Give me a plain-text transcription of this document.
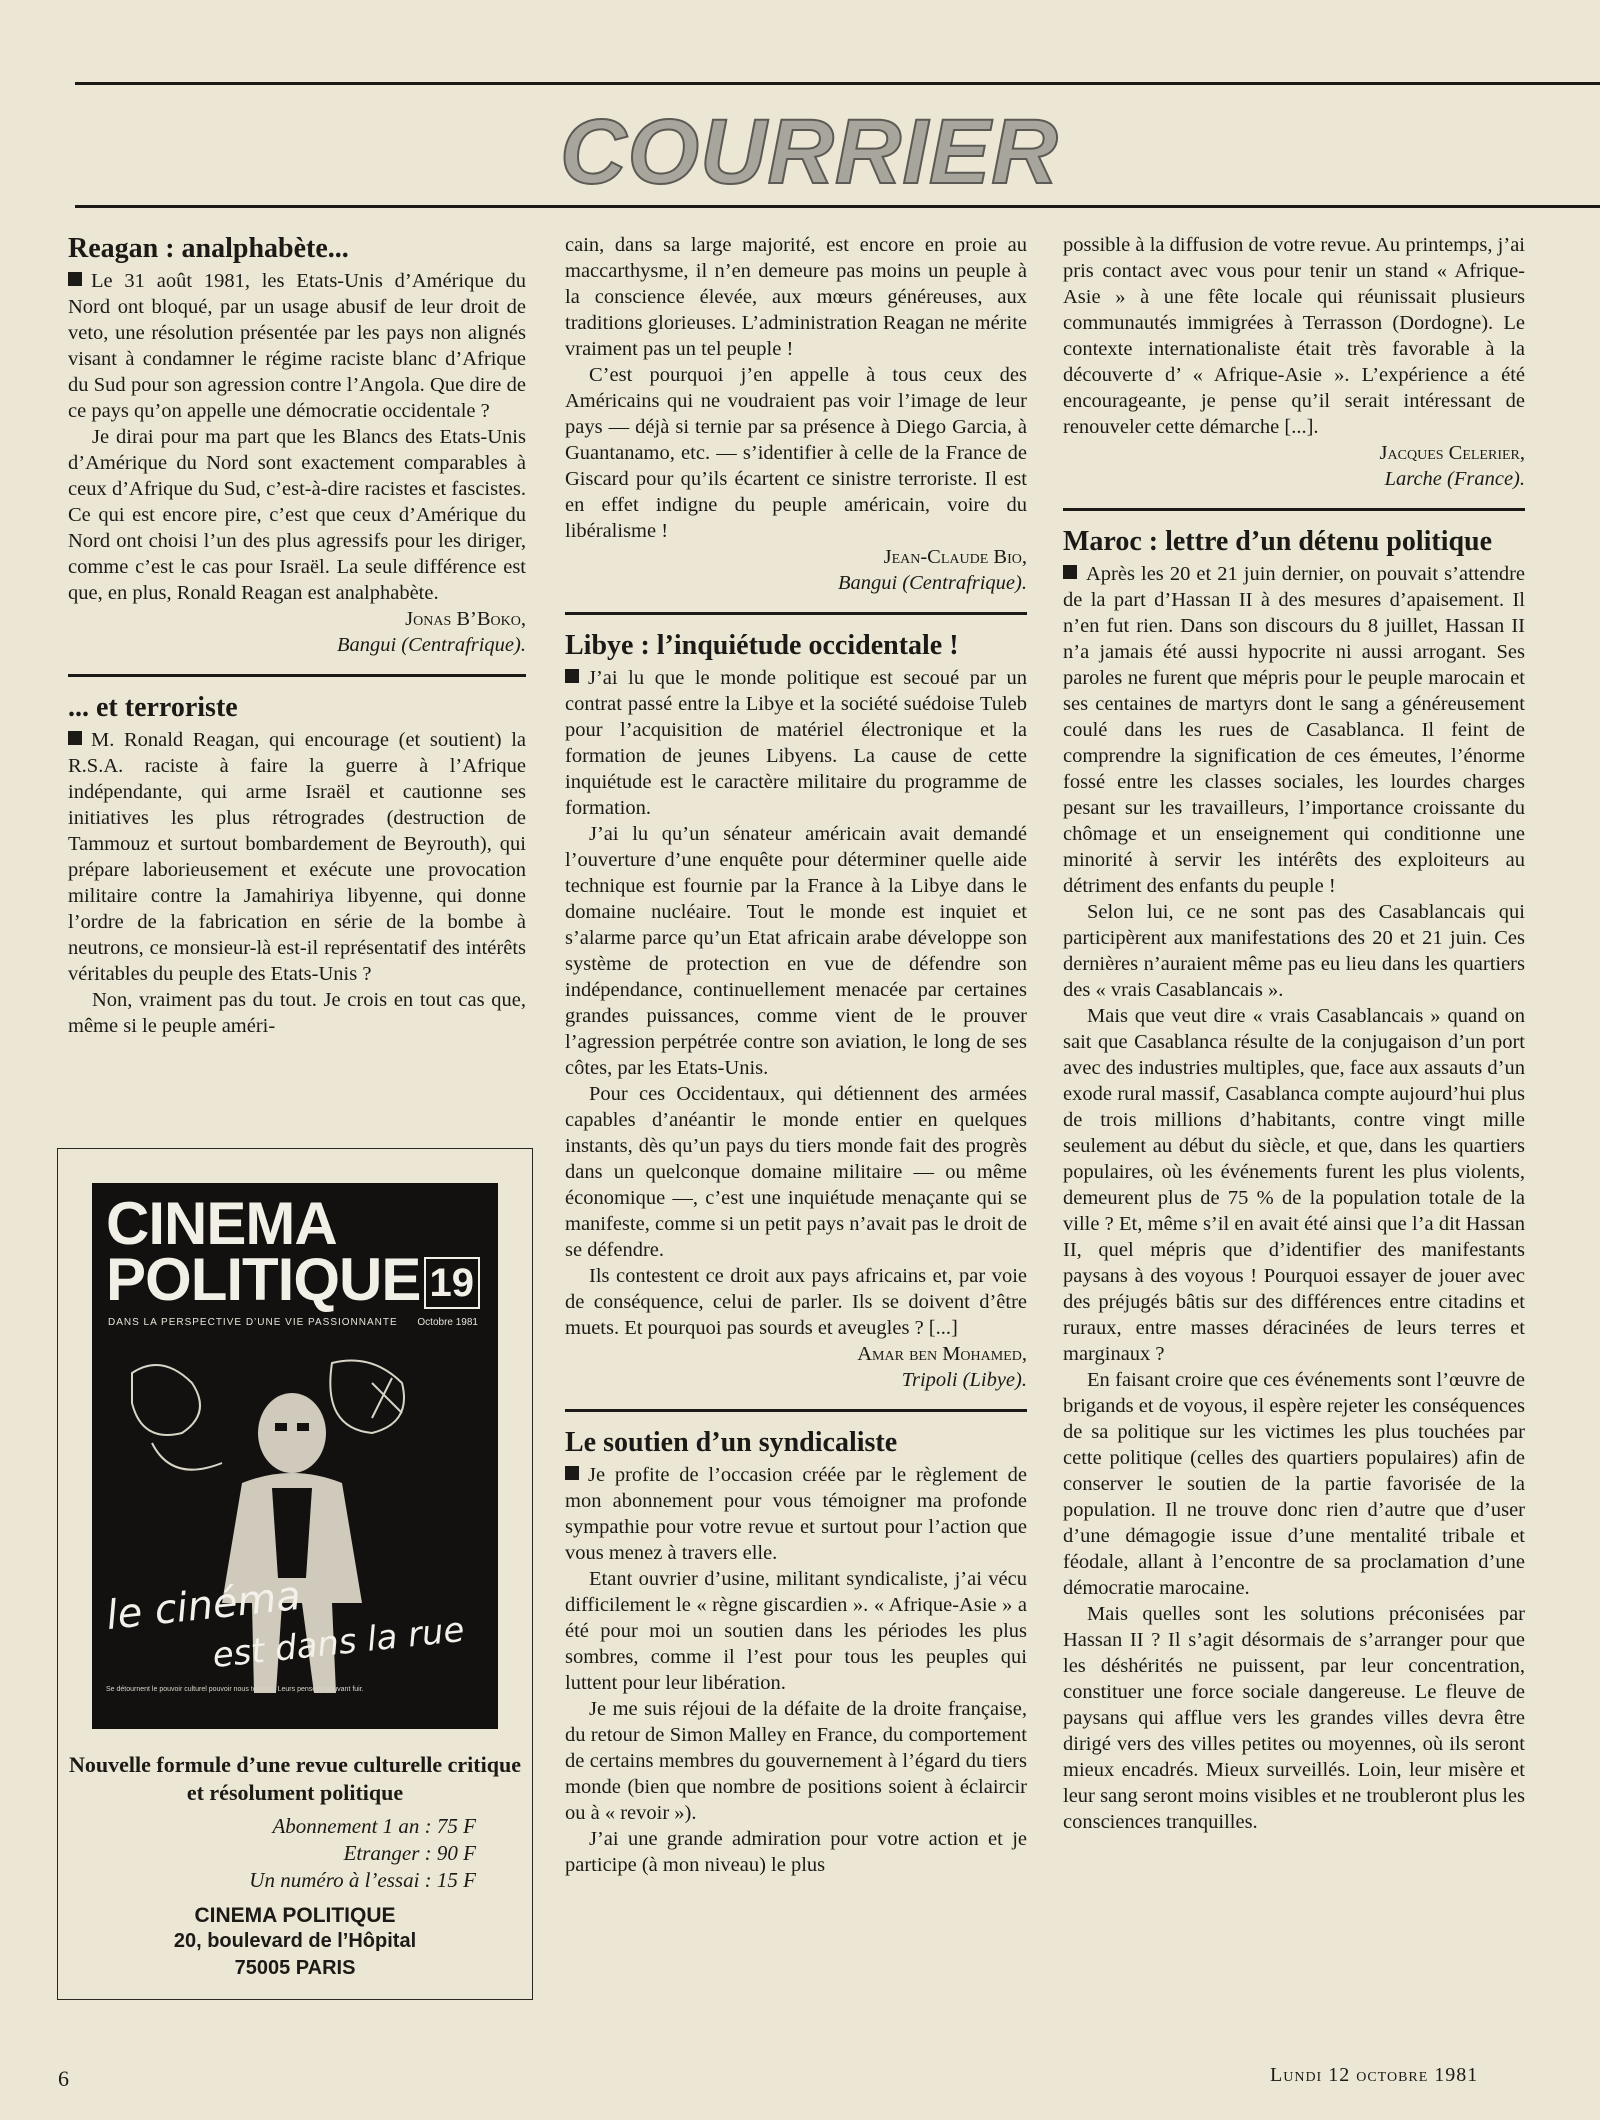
COURRIER
Reagan : analphabète...

Le 31 août 1981, les Etats-Unis d’Amérique du Nord ont bloqué, par un usage abusif de leur droit de veto, une résolution présentée par les pays non alignés visant à condamner le régime raciste blanc d’Afrique du Sud pour son agression contre l’Angola. Que dire de ce pays qu’on appelle une démocratie occidentale ?

Je dirai pour ma part que les Blancs des Etats-Unis d’Amérique du Nord sont exactement comparables à ceux d’Afrique du Sud, c’est-à-dire racistes et fascistes. Ce qui est encore pire, c’est que ceux d’Amérique du Nord ont choisi l’un des plus agressifs pour les diriger, comme c’est le cas pour Israël. La seule différence est que, en plus, Ronald Reagan est analphabète.

Jonas B’Boko,
Bangui (Centrafrique).
... et terroriste

M. Ronald Reagan, qui encourage (et soutient) la R.S.A. raciste à faire la guerre à l’Afrique indépendante, qui arme Israël et cautionne ses initiatives les plus rétrogrades (destruction de Tammouz et surtout bombardement de Beyrouth), qui prépare laborieusement et exécute une provocation militaire contre la Jamahiriya libyenne, qui donne l’ordre de la fabrication en série de la bombe à neutrons, ce monsieur-là est-il représentatif des intérêts véritables du peuple des Etats-Unis ?

Non, vraiment pas du tout. Je crois en tout cas que, même si le peuple améri-

CINEMA
POLITIQUE 19
DANS LA PERSPECTIVE D’UNE VIE PASSIONNANTE Octobre 1981
le cinéma
est dans la rue
Se détournent le pouvoir culturel pouvoir nous tentons. Leurs pensées pouvant fuir.
Nouvelle formule d’une revue culturelle critique et résolument politique
Abonnement 1 an : 75 F
Etranger : 90 F
Un numéro à l’essai : 15 F
CINEMA POLITIQUE
20, boulevard de l’Hôpital
75005 PARIS

cain, dans sa large majorité, est encore en proie au maccarthysme, il n’en demeure pas moins un peuple à la conscience élevée, aux mœurs généreuses, aux traditions glorieuses. L’administration Reagan ne mérite vraiment pas un tel peuple !

C’est pourquoi j’en appelle à tous ceux des Américains qui ne voudraient pas voir l’image de leur pays — déjà si ternie par sa présence à Diego Garcia, à Guantanamo, etc. — s’identifier à celle de la France de Giscard pour qu’ils écartent ce sinistre terroriste. Il est en effet indigne du peuple américain, voire du libéralisme !

Jean-Claude Bio,
Bangui (Centrafrique).
Libye : l’inquiétude occidentale !

J’ai lu que le monde politique est secoué par un contrat passé entre la Libye et la société suédoise Tuleb pour l’acquisition de matériel électronique et la formation de jeunes Libyens. La cause de cette inquiétude est le caractère militaire du programme de formation.

J’ai lu qu’un sénateur américain avait demandé l’ouverture d’une enquête pour déterminer quelle aide technique est fournie par la France à la Libye dans le domaine nucléaire. Tout le monde est inquiet et s’alarme parce qu’un Etat africain arabe développe son système de protection en vue de défendre son indépendance, continuellement menacée par certaines grandes puissances, comme vient de le prouver l’agression perpétrée contre son aviation, le long de ses côtes, par les Etats-Unis.

Pour ces Occidentaux, qui détiennent des armées capables d’anéantir le monde entier en quelques instants, dès qu’un pays du tiers monde fait des progrès dans un quelconque domaine militaire — ou même économique —, c’est une inquiétude menaçante qui se manifeste, comme si un petit pays n’avait pas le droit de se défendre.

Ils contestent ce droit aux pays africains et, par voie de conséquence, celui de parler. Ils se doivent d’être muets. Et pourquoi pas sourds et aveugles ? [...]

Amar ben Mohamed,
Tripoli (Libye).
Le soutien d’un syndicaliste

Je profite de l’occasion créée par le règlement de mon abonnement pour vous témoigner ma profonde sympathie pour votre revue et surtout pour l’action que vous menez à travers elle.

Etant ouvrier d’usine, militant syndicaliste, j’ai vécu difficilement le « règne giscardien ». « Afrique-Asie » a été pour moi un soutien dans les périodes les plus sombres, comme il l’est pour tous les peuples qui luttent pour leur libération.

Je me suis réjoui de la défaite de la droite française, du retour de Simon Malley en France, du comportement de certains membres du gouvernement à l’égard du tiers monde (bien que nombre de positions soient à éclaircir ou à « revoir »).

J’ai une grande admiration pour votre action et je participe (à mon niveau) le plus

possible à la diffusion de votre revue. Au printemps, j’ai pris contact avec vous pour tenir un stand « Afrique-Asie » à une fête locale qui réunissait plusieurs communautés immigrées à Terrasson (Dordogne). Le contexte internationaliste était très favorable à la découverte d’ « Afrique-Asie ». L’expérience a été encourageante, je pense qu’il serait intéressant de renouveler cette démarche [...].

Jacques Celerier,
Larche (France).
Maroc : lettre d’un détenu politique

Après les 20 et 21 juin dernier, on pouvait s’attendre de la part d’Hassan II à des mesures d’apaisement. Il n’en fut rien. Dans son discours du 8 juillet, Hassan II n’a jamais été aussi hypocrite ni aussi arrogant. Ses paroles ne furent que mépris pour le peuple marocain et ses centaines de martyrs dont le sang a généreusement coulé dans les rues de Casablanca. Il feint de comprendre la signification de ces émeutes, l’énorme fossé entre les classes sociales, les lourdes charges pesant sur les travailleurs, l’importance croissante du chômage et un enseignement qui conditionne une minorité à servir les intérêts des exploiteurs au détriment des enfants du peuple !

Selon lui, ce ne sont pas des Casablancais qui participèrent aux manifestations des 20 et 21 juin. Ces dernières n’auraient même pas eu lieu dans les quartiers des « vrais Casablancais ».

Mais que veut dire « vrais Casablancais » quand on sait que Casablanca résulte de la conjugaison d’un port avec des industries multiples, que, face aux assauts d’un exode rural massif, Casablanca compte aujourd’hui plus de trois millions d’habitants, contre vingt mille seulement au début du siècle, et que, dans les quartiers populaires, où les événements furent les plus violents, demeurent plus de 75 % de la population totale de la ville ? Et, même s’il en avait été ainsi que l’a dit Hassan II, quel mépris que d’identifier des manifestants paysans à des voyous ! Pourquoi essayer de jouer avec des préjugés bâtis sur des différences entre citadins et ruraux, entre masses déracinées de leurs terres et marginaux ?

En faisant croire que ces événements sont l’œuvre de brigands et de voyous, il espère rejeter les conséquences de sa politique sur les victimes les plus touchées par cette politique (celles des quartiers populaires) afin de conserver le soutien de la partie favorisée de la population. Il ne trouve donc rien d’autre que d’user d’une démagogie issue d’une mentalité tribale et féodale, allant à l’encontre de sa proclamation d’une démocratie marocaine.

Mais quelles sont les solutions préconisées par Hassan II ? Il s’agit désormais de s’arranger pour que les déshérités ne puissent, par leur concentration, constituer une force sociale dangereuse. Le fleuve de paysans qui afflue vers les grandes villes devra être dirigé vers des villes petites ou moyennes, où ils seront mieux encadrés. Mieux surveillés. Loin, leur misère et leur sang seront moins visibles et ne troubleront plus les consciences tranquilles.

6	Lundi 12 octobre 1981
